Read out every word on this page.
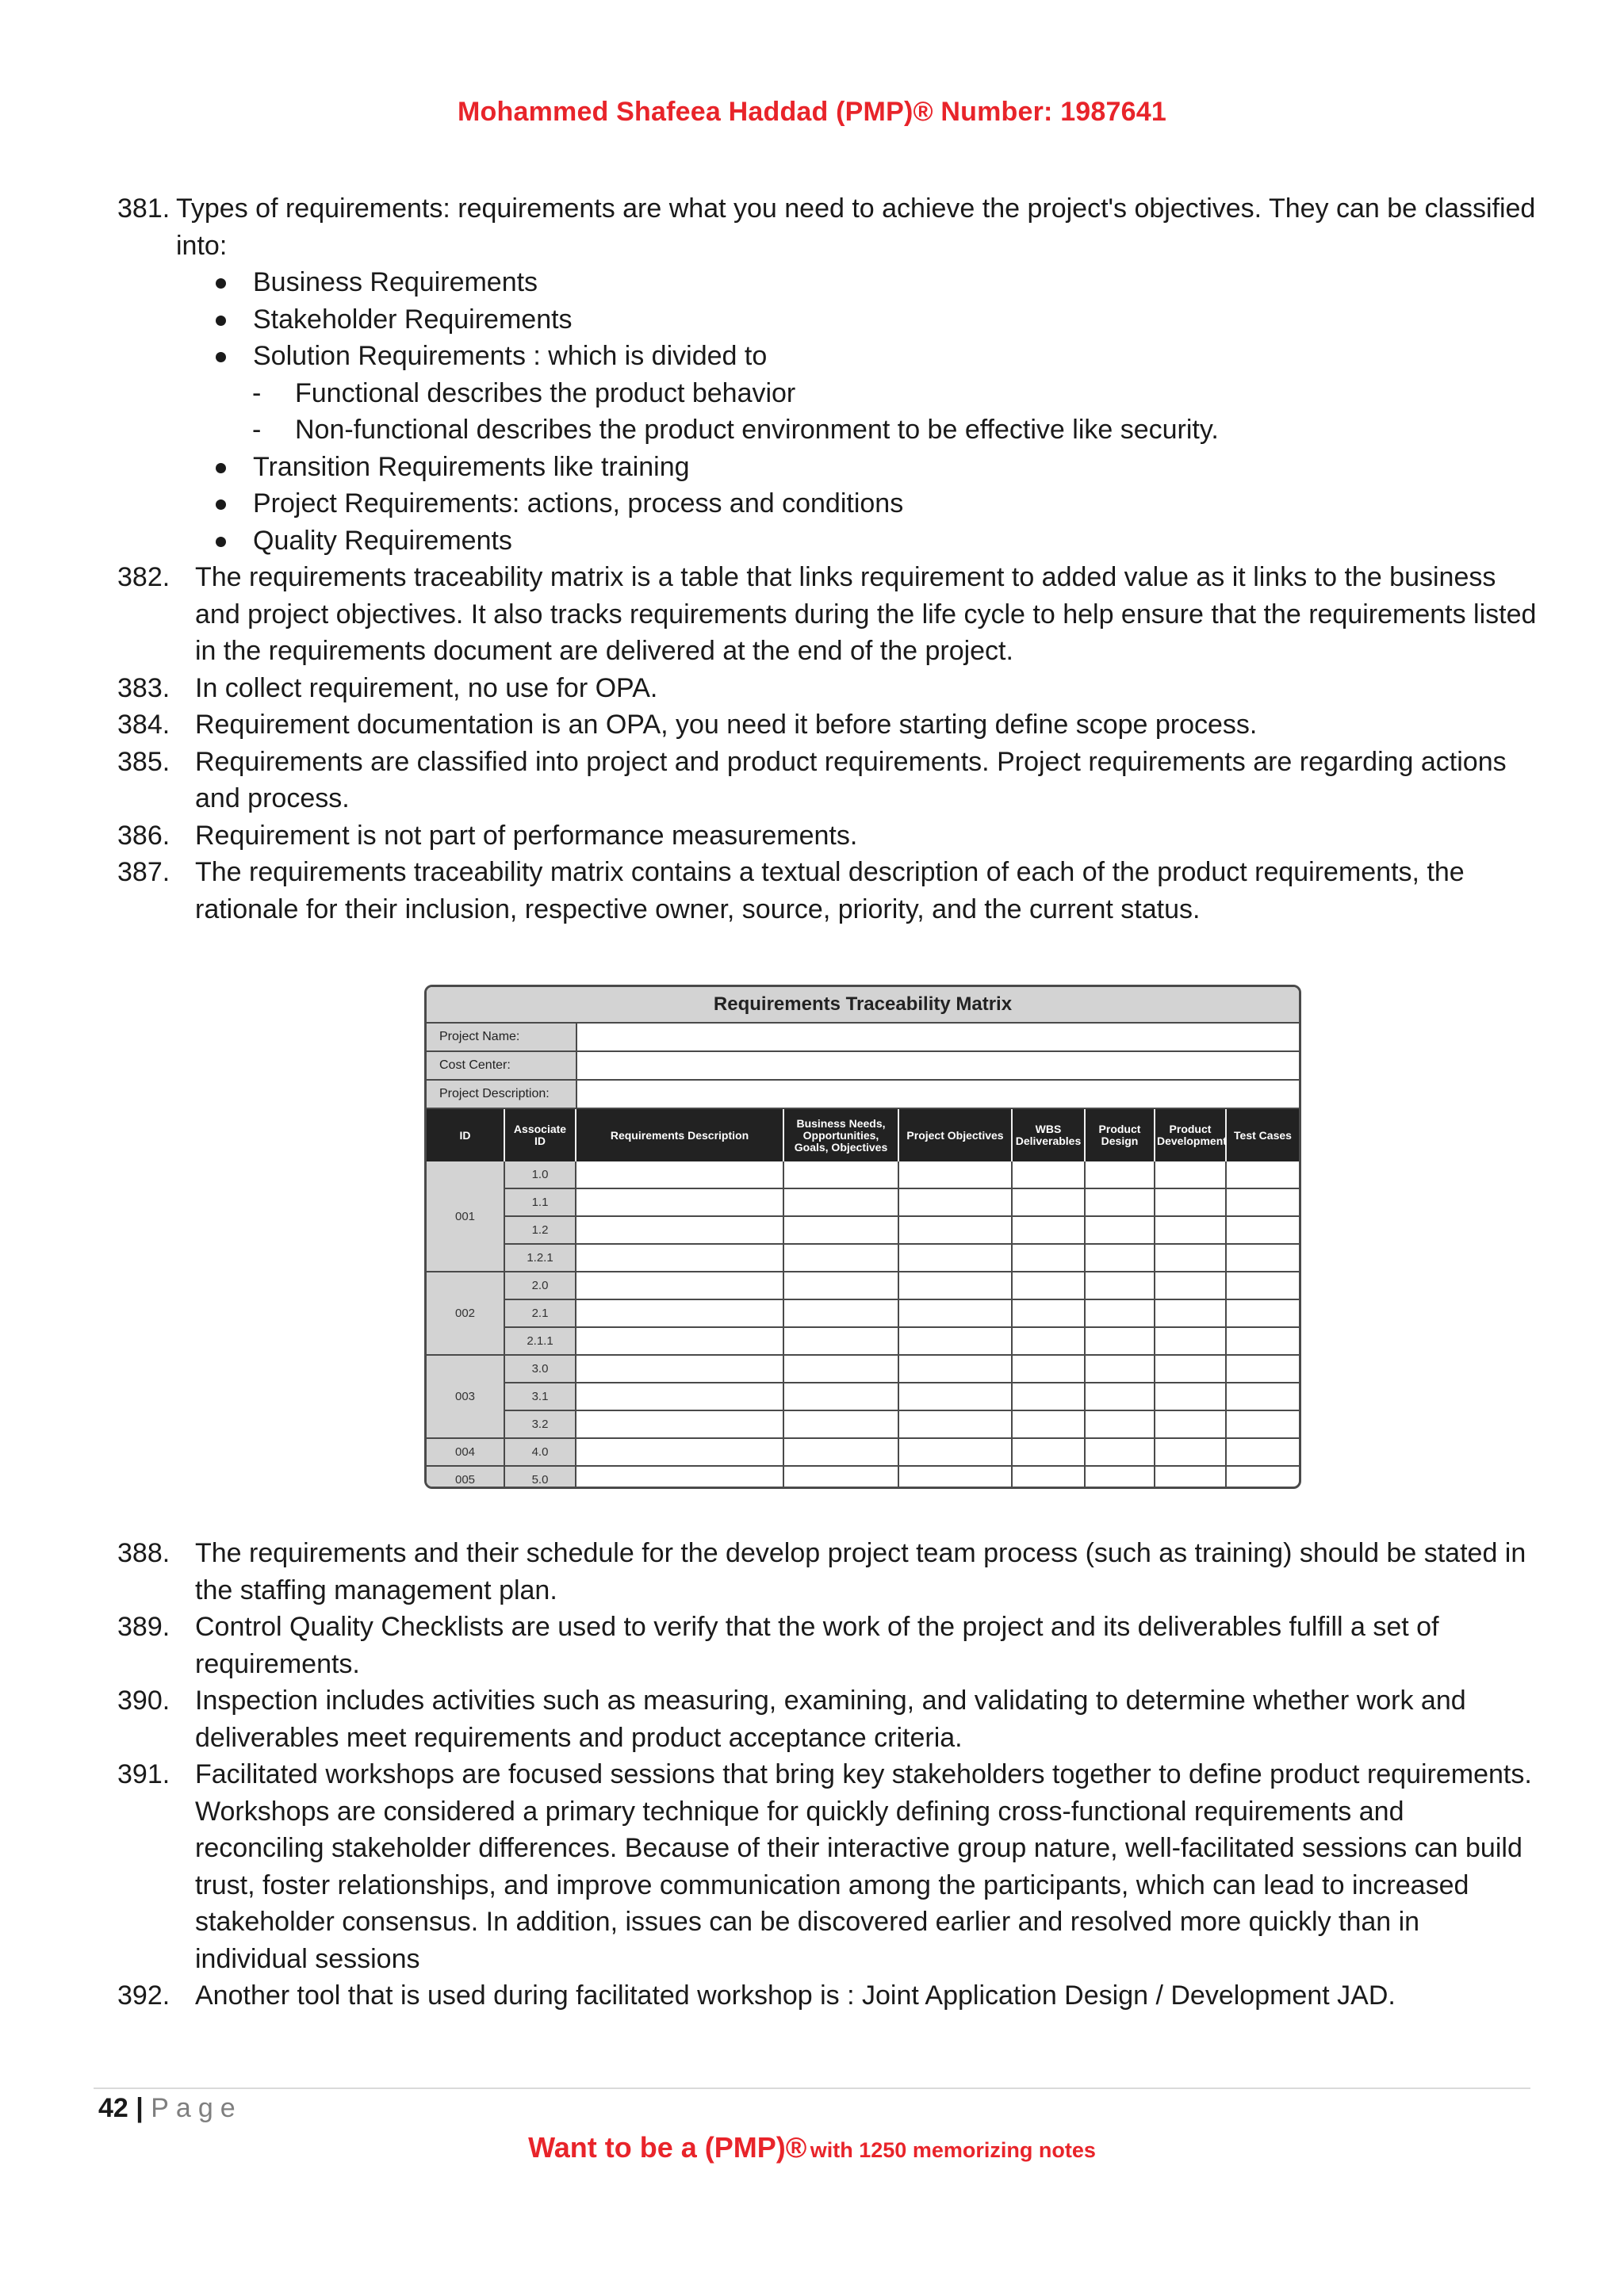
Mohammed Shafeea Haddad (PMP)® Number: 1987641
381. Types of requirements: requirements are what you need to achieve the project's objectives. They can be classified into:
Business Requirements
Stakeholder Requirements
Solution Requirements : which is divided to
- Functional describes the product behavior
- Non-functional describes the product environment to be effective like security.
Transition Requirements like training
Project Requirements: actions, process and conditions
Quality Requirements
382. The requirements traceability matrix is a table that links requirement to added value as it links to the business and project objectives. It also tracks requirements during the life cycle to help ensure that the requirements listed in the requirements document are delivered at the end of the project.
383. In collect requirement, no use for OPA.
384. Requirement documentation is an OPA, you need it before starting define scope process.
385. Requirements are classified into project and product requirements. Project requirements are regarding actions and process.
386. Requirement is not part of performance measurements.
387. The requirements traceability matrix contains a textual description of each of the product requirements, the rationale for their inclusion, respective owner, source, priority, and the current status.
Requirements Traceability Matrix
Project Name:
Cost Center:
Project Description:
ID	Associate ID	Requirements Description	Business Needs, Opportunities, Goals, Objectives	Project Objectives	WBS Deliverables	Product Design	Product Development	Test Cases
001	1.0							
	1.1							
	1.2							
	1.2.1							
002	2.0							
	2.1							
	2.1.1							
003	3.0							
	3.1							
	3.2							
004	4.0							
005	5.0							
388. The requirements and their schedule for the develop project team process (such as training) should be stated in the staffing management plan.
389. Control Quality Checklists are used to verify that the work of the project and its deliverables fulfill a set of requirements.
390. Inspection includes activities such as measuring, examining, and validating to determine whether work and deliverables meet requirements and product acceptance criteria.
391. Facilitated workshops are focused sessions that bring key stakeholders together to define product requirements. Workshops are considered a primary technique for quickly defining cross-functional requirements and reconciling stakeholder differences. Because of their interactive group nature, well-facilitated sessions can build trust, foster relationships, and improve communication among the participants, which can lead to increased stakeholder consensus. In addition, issues can be discovered earlier and resolved more quickly than in individual sessions
392. Another tool that is used during facilitated workshop is : Joint Application Design / Development JAD.
42 | Page
Want to be a (PMP)® with 1250 memorizing notes
